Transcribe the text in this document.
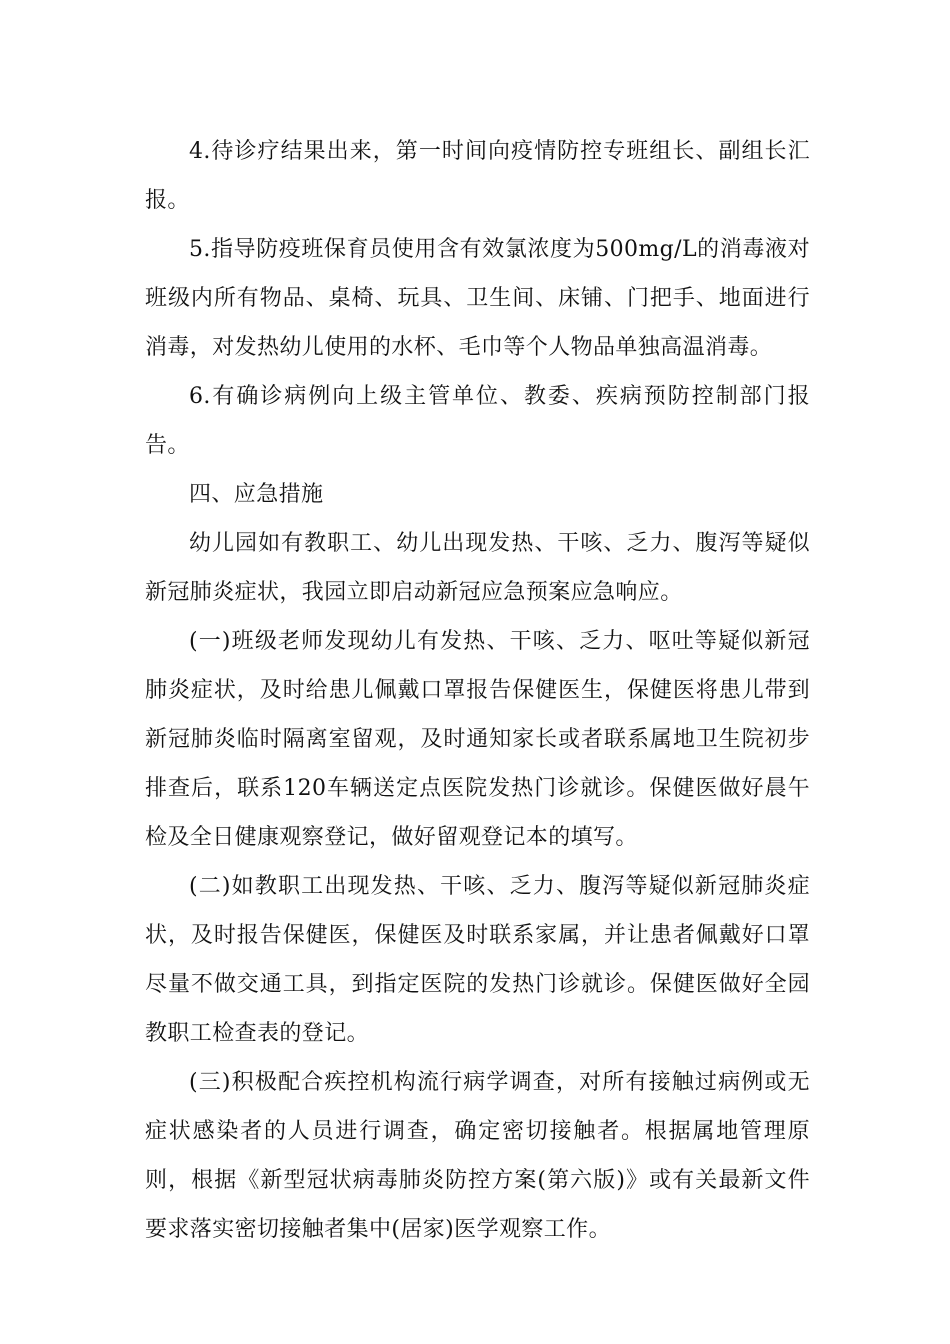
4.待诊疗结果出来，第一时间向疫情防控专班组长、副组长汇报。

5.指导防疫班保育员使用含有效氯浓度为500mg/L的消毒液对班级内所有物品、桌椅、玩具、卫生间、床铺、门把手、地面进行消毒，对发热幼儿使用的水杯、毛巾等个人物品单独高温消毒。

6.有确诊病例向上级主管单位、教委、疾病预防控制部门报告。

四、应急措施

幼儿园如有教职工、幼儿出现发热、干咳、乏力、腹泻等疑似新冠肺炎症状，我园立即启动新冠应急预案应急响应。

(一)班级老师发现幼儿有发热、干咳、乏力、呕吐等疑似新冠肺炎症状，及时给患儿佩戴口罩报告保健医生，保健医将患儿带到新冠肺炎临时隔离室留观，及时通知家长或者联系属地卫生院初步排查后，联系120车辆送定点医院发热门诊就诊。保健医做好晨午检及全日健康观察登记，做好留观登记本的填写。

(二)如教职工出现发热、干咳、乏力、腹泻等疑似新冠肺炎症状，及时报告保健医，保健医及时联系家属，并让患者佩戴好口罩尽量不做交通工具，到指定医院的发热门诊就诊。保健医做好全园教职工检查表的登记。

(三)积极配合疾控机构流行病学调查，对所有接触过病例或无症状感染者的人员进行调查，确定密切接触者。根据属地管理原则，根据《新型冠状病毒肺炎防控方案(第六版)》或有关最新文件要求落实密切接触者集中(居家)医学观察工作。
